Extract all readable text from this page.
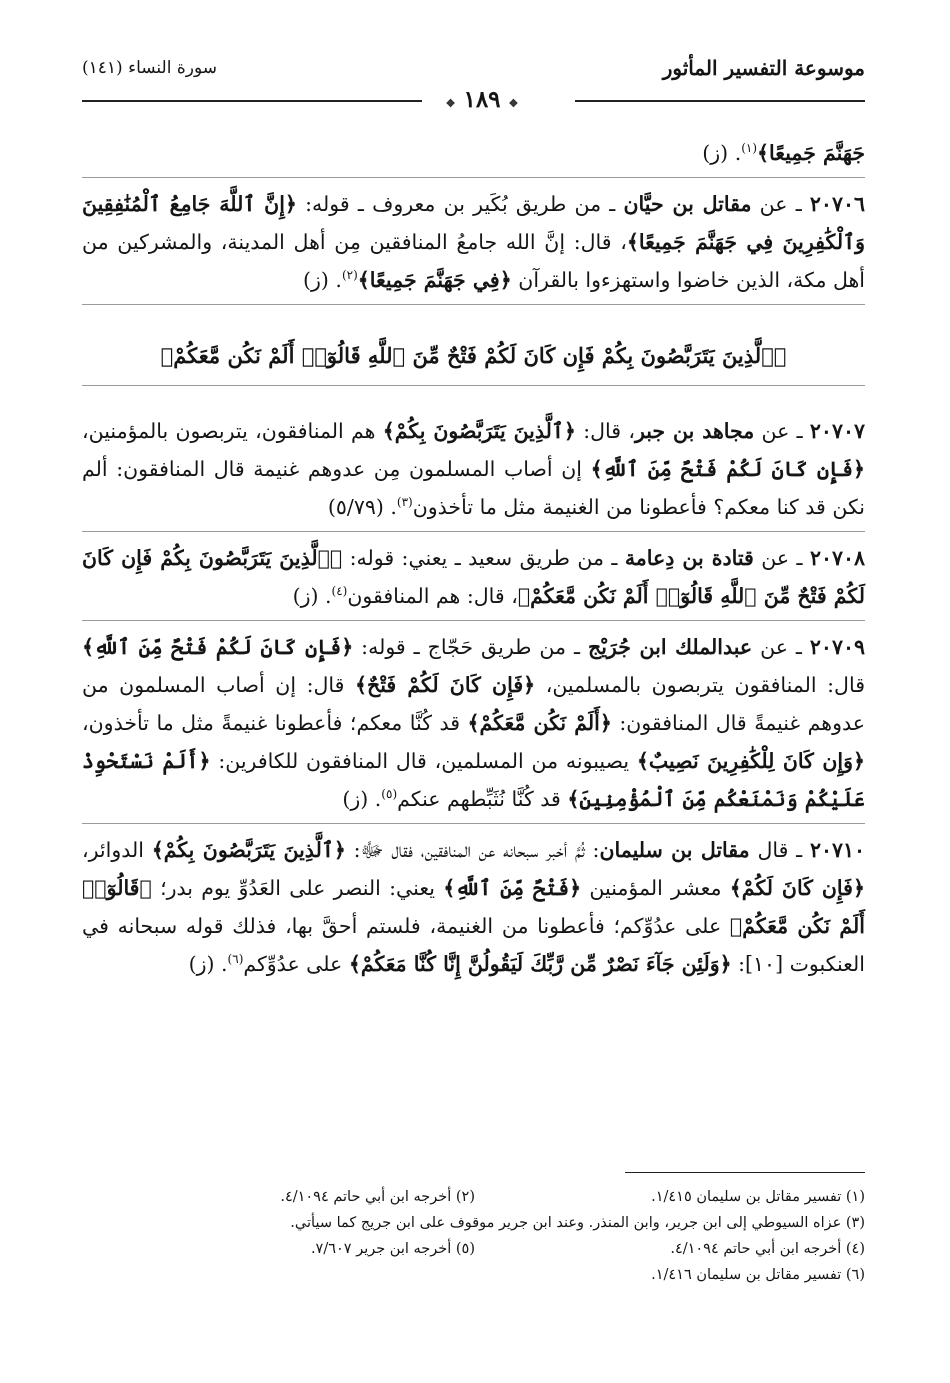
موسوعة التفسير المأثور
سورة النساء (١٤١)
❖ ١٨٩ ❖

جَهَنَّمَ جَمِيعًا﴾$^{(١)}$. (ز)

٢٠٧٠٦ ـ عن مقاتل بن حيَّان ـ من طريق بُكَير بن معروف ـ قوله: ﴿إِنَّ ٱللَّهَ جَامِعُ ٱلْمُنَٰفِقِينَ وَٱلْكَٰفِرِينَ فِي جَهَنَّمَ جَمِيعًا﴾، قال: إنَّ الله جامعُ المنافقين مِن أهل المدينة، والمشركين من أهل مكة، الذين خاضوا واستهزءوا بالقرآن ﴿فِي جَهَنَّمَ جَمِيعًا﴾$^{(٢)}$. (ز)

﴿ٱلَّذِينَ يَتَرَبَّصُونَ بِكُمْ فَإِن كَانَ لَكُمْ فَتْحٌ مِّنَ ٱللَّهِ قَالُوٓا۟ أَلَمْ نَكُن مَّعَكُمْ﴾

٢٠٧٠٧ ـ عن مجاهد بن جبر، قال: ﴿ٱلَّذِينَ يَتَرَبَّصُونَ بِكُمْ﴾ هم المنافقون، يتربصون بالمؤمنين، ﴿فَإِن كَانَ لَكُمْ فَتْحٌ مِّنَ ٱللَّهِ﴾ إن أصاب المسلمون مِن عدوهم غنيمة قال المنافقون: ألم نكن قد كنا معكم؟ فأعطونا من الغنيمة مثل ما تأخذون$^{(٣)}$. (٥/٧٩)

٢٠٧٠٨ ـ عن قتادة بن دِعامة ـ من طريق سعيد ـ يعني: قوله: ﴿ٱلَّذِينَ يَتَرَبَّصُونَ بِكُمْ فَإِن كَانَ لَكُمْ فَتْحٌ مِّنَ ٱللَّهِ قَالُوٓا۟ أَلَمْ نَكُن مَّعَكُمْ﴾، قال: هم المنافقون$^{(٤)}$. (ز)

٢٠٧٠٩ ـ عن عبدالملك ابن جُرَيْج ـ من طريق حَجّاج ـ قوله: ﴿فَإِن كَانَ لَكُمْ فَتْحٌ مِّنَ ٱللَّهِ﴾ قال: المنافقون يتربصون بالمسلمين، ﴿فَإِن كَانَ لَكُمْ فَتْحٌ﴾ قال: إن أصاب المسلمون من عدوهم غنيمةً قال المنافقون: ﴿أَلَمْ نَكُن مَّعَكُمْ﴾ قد كُنَّا معكم؛ فأعطونا غنيمةً مثل ما تأخذون، ﴿وَإِن كَانَ لِلْكَٰفِرِينَ نَصِيبٌ﴾ يصيبونه من المسلمين، قال المنافقون للكافرين: ﴿أَلَمْ نَسْتَحْوِذْ عَلَيْكُمْ وَنَمْنَعْكُم مِّنَ ٱلْمُؤْمِنِينَ﴾ قد كُنَّا نُثَبِّطهم عنكم$^{(٥)}$. (ز)

٢٠٧١٠ ـ قال مقاتل بن سليمان: ثُمَّ أخبر سبحانه عن المنافقين، فقال ﷻ: ﴿ٱلَّذِينَ يَتَرَبَّصُونَ بِكُمْ﴾ الدوائر، ﴿فَإِن كَانَ لَكُمْ﴾ معشر المؤمنين ﴿فَتْحٌ مِّنَ ٱللَّهِ﴾ يعني: النصر على العَدُوِّ يوم بدر؛ ﴿قَالُوٓا۟ أَلَمْ نَكُن مَّعَكُمْ﴾ على عدُوِّكم؛ فأعطونا من الغنيمة، فلستم أحقَّ بها، فذلك قوله سبحانه في العنكبوت [١٠]: ﴿وَلَئِن جَآءَ نَصْرٌ مِّن رَّبِّكَ لَيَقُولُنَّ إِنَّا كُنَّا مَعَكُمْ﴾ على عدُوِّكم$^{(٦)}$. (ز)

(١) تفسير مقاتل بن سليمان ١/٤١٥.
(٢) أخرجه ابن أبي حاتم ٤/١٠٩٤.
(٣) عزاه السيوطي إلى ابن جرير، وابن المنذر. وعند ابن جرير موقوف على ابن جريج كما سيأتي.
(٤) أخرجه ابن أبي حاتم ٤/١٠٩٤.
(٥) أخرجه ابن جرير ٧/٦٠٧.
(٦) تفسير مقاتل بن سليمان ١/٤١٦.
